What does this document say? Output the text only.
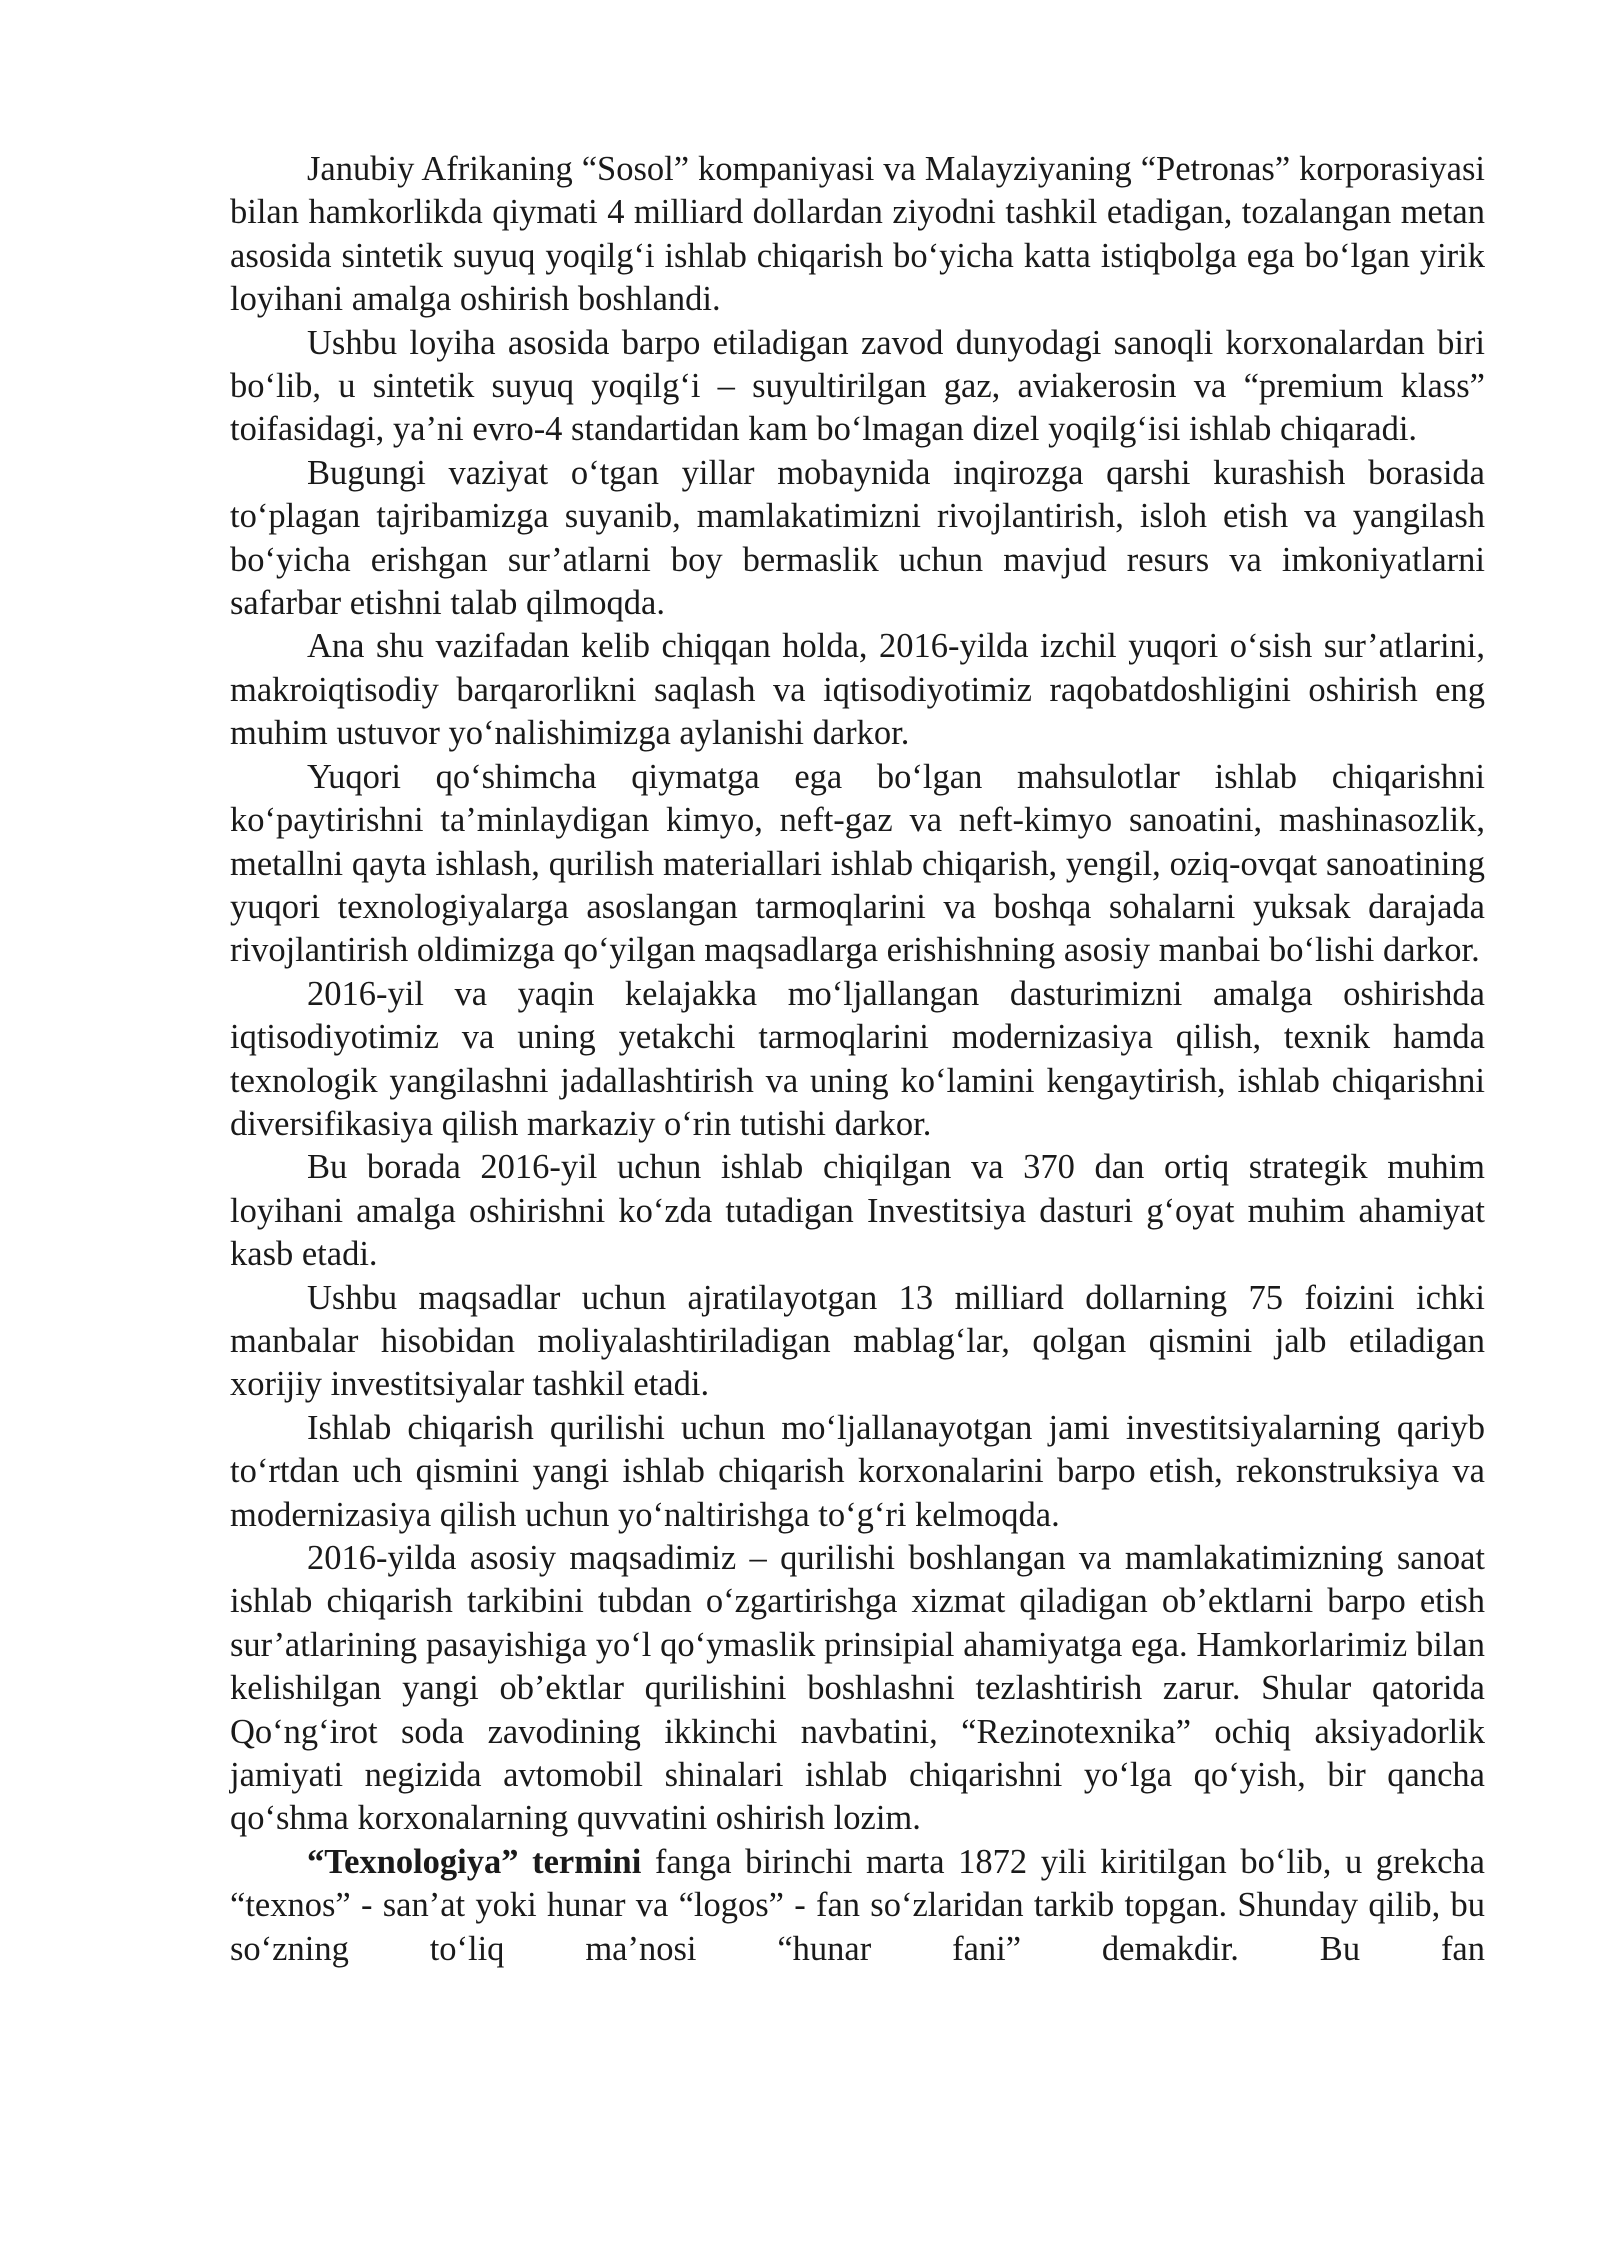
Janubiy Afrikaning “Sosol” kompaniyasi va Malayziyaning “Petronas” korporasiyasi bilan hamkorlikda qiymati 4 milliard dollardan ziyodni tashkil etadigan, tozalangan metan asosida sintetik suyuq yoqilg‘i ishlab chiqarish bo‘yicha katta istiqbolga ega bo‘lgan yirik loyihani amalga oshirish boshlandi.

Ushbu loyiha asosida barpo etiladigan zavod dunyodagi sanoqli korxonalardan biri bo‘lib, u sintetik suyuq yoqilg‘i – suyultirilgan gaz, aviakerosin va “premium klass” toifasidagi, ya’ni evro-4 standartidan kam bo‘lmagan dizel yoqilg‘isi ishlab chiqaradi.

Bugungi vaziyat o‘tgan yillar mobaynida inqirozga qarshi kurashish borasida to‘plagan tajribamizga suyanib, mamlakatimizni rivojlantirish, isloh etish va yangilash bo‘yicha erishgan sur’atlarni boy bermaslik uchun mavjud resurs va imkoniyatlarni safarbar etishni talab qilmoqda.

Ana shu vazifadan kelib chiqqan holda, 2016-yilda izchil yuqori o‘sish sur’atlarini, makroiqtisodiy barqarorlikni saqlash va iqtisodiyotimiz raqobatdoshligini oshirish eng muhim ustuvor yo‘nalishimizga aylanishi darkor.

Yuqori qo‘shimcha qiymatga ega bo‘lgan mahsulotlar ishlab chiqarishni ko‘paytirishni ta’minlaydigan kimyo, neft-gaz va neft-kimyo sanoatini, mashinasozlik, metallni qayta ishlash, qurilish materiallari ishlab chiqarish, yengil, oziq-ovqat sanoatining yuqori texnologiyalarga asoslangan tarmoqlarini va boshqa sohalarni yuksak darajada rivojlantirish oldimizga qo‘yilgan maqsadlarga erishishning asosiy manbai bo‘lishi darkor.

2016-yil va yaqin kelajakka mo‘ljallangan dasturimizni amalga oshirishda iqtisodiyotimiz va uning yetakchi tarmoqlarini modernizasiya qilish, texnik hamda texnologik yangilashni jadallashtirish va uning ko‘lamini kengaytirish, ishlab chiqarishni diversifikasiya qilish markaziy o‘rin tutishi darkor.

Bu borada 2016-yil uchun ishlab chiqilgan va 370 dan ortiq strategik muhim loyihani amalga oshirishni ko‘zda tutadigan Investitsiya dasturi g‘oyat muhim ahamiyat kasb etadi.

Ushbu maqsadlar uchun ajratilayotgan 13 milliard dollarning 75 foizini ichki manbalar hisobidan moliyalashtiriladigan mablag‘lar, qolgan qismini jalb etiladigan xorijiy investitsiyalar tashkil etadi.

Ishlab chiqarish qurilishi uchun mo‘ljallanayotgan jami investitsiyalarning qariyb to‘rtdan uch qismini yangi ishlab chiqarish korxonalarini barpo etish, rekonstruksiya va modernizasiya qilish uchun yo‘naltirishga to‘g‘ri kelmoqda.

2016-yilda asosiy maqsadimiz – qurilishi boshlangan va mamlakatimizning sanoat ishlab chiqarish tarkibini tubdan o‘zgartirishga xizmat qiladigan ob’ektlarni barpo etish sur’atlarining pasayishiga yo‘l qo‘ymaslik prinsipial ahamiyatga ega. Hamkorlarimiz bilan kelishilgan yangi ob’ektlar qurilishini boshlashni tezlashtirish zarur. Shular qatorida Qo‘ng‘irot soda zavodining ikkinchi navbatini, “Rezinotexnika” ochiq aksiyadorlik jamiyati negizida avtomobil shinalari ishlab chiqarishni yo‘lga qo‘yish, bir qancha qo‘shma korxonalarning quvvatini oshirish lozim.

“Texnologiya” termini fanga birinchi marta 1872 yili kiritilgan bo‘lib, u grekcha “texnos” - san’at yoki hunar va “logos” - fan so‘zlaridan tarkib topgan. Shunday qilib, bu so‘zning to‘liq ma’nosi “hunar fani” demakdir. Bu fan
